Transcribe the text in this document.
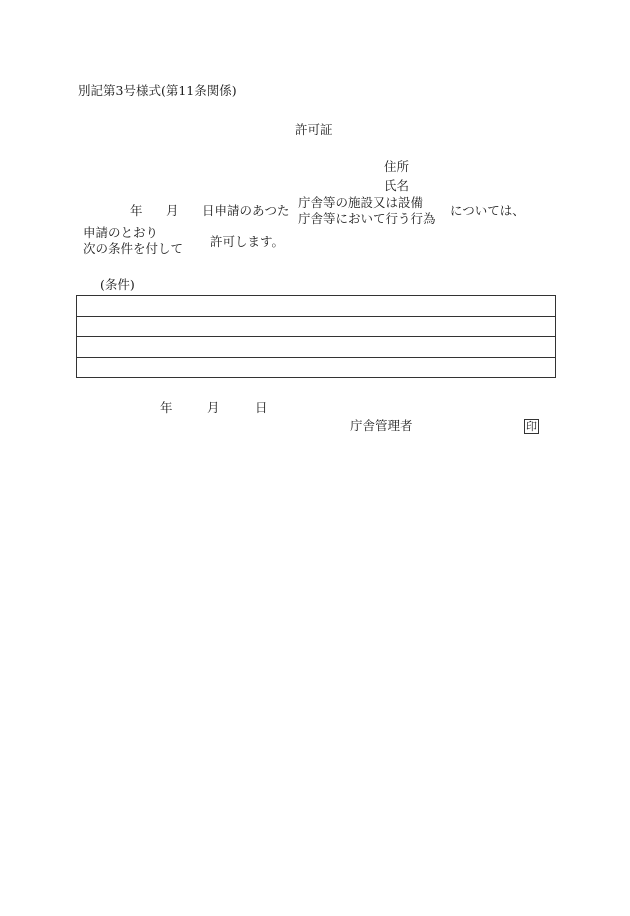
別記第3号様式(第11条関係)
許可証
住所
氏名
年 月 日申請のあつた
庁舎等の施設又は設備
庁舎等において行う行為
については、
申請のとおり
次の条件を付して 許可します。
(条件)

年	月	日
庁舎管理者	印
